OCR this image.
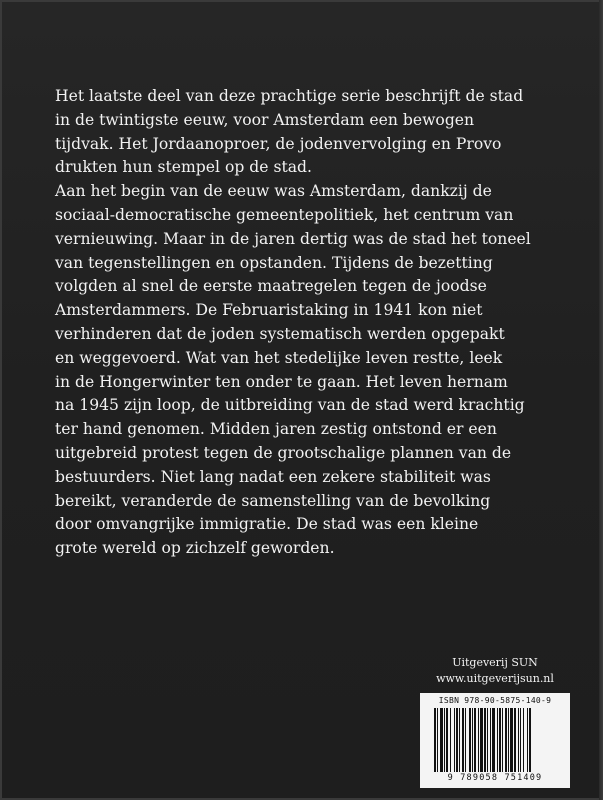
Het laatste deel van deze prachtige serie beschrijft de stad
in de twintigste eeuw, voor Amsterdam een bewogen
tijdvak. Het Jordaanoproer, de jodenvervolging en Provo
drukten hun stempel op de stad.

Aan het begin van de eeuw was Amsterdam, dankzij de
sociaal-democratische gemeentepolitiek, het centrum van
vernieuwing. Maar in de jaren dertig was de stad het toneel
van tegenstellingen en opstanden. Tijdens de bezetting
volgden al snel de eerste maatregelen tegen de joodse
Amsterdammers. De Februaristaking in 1941 kon niet
verhinderen dat de joden systematisch werden opgepakt
en weggevoerd. Wat van het stedelijke leven restte, leek
in de Hongerwinter ten onder te gaan. Het leven hernam
na 1945 zijn loop, de uitbreiding van de stad werd krachtig
ter hand genomen. Midden jaren zestig ontstond er een
uitgebreid protest tegen de grootschalige plannen van de
bestuurders. Niet lang nadat een zekere stabiliteit was
bereikt, veranderde de samenstelling van de bevolking
door omvangrijke immigratie. De stad was een kleine
grote wereld op zichzelf geworden.

Uitgeverij SUN
www.uitgeverijsun.nl
ISBN 978-90-5875-140-9
9 789058 751409
